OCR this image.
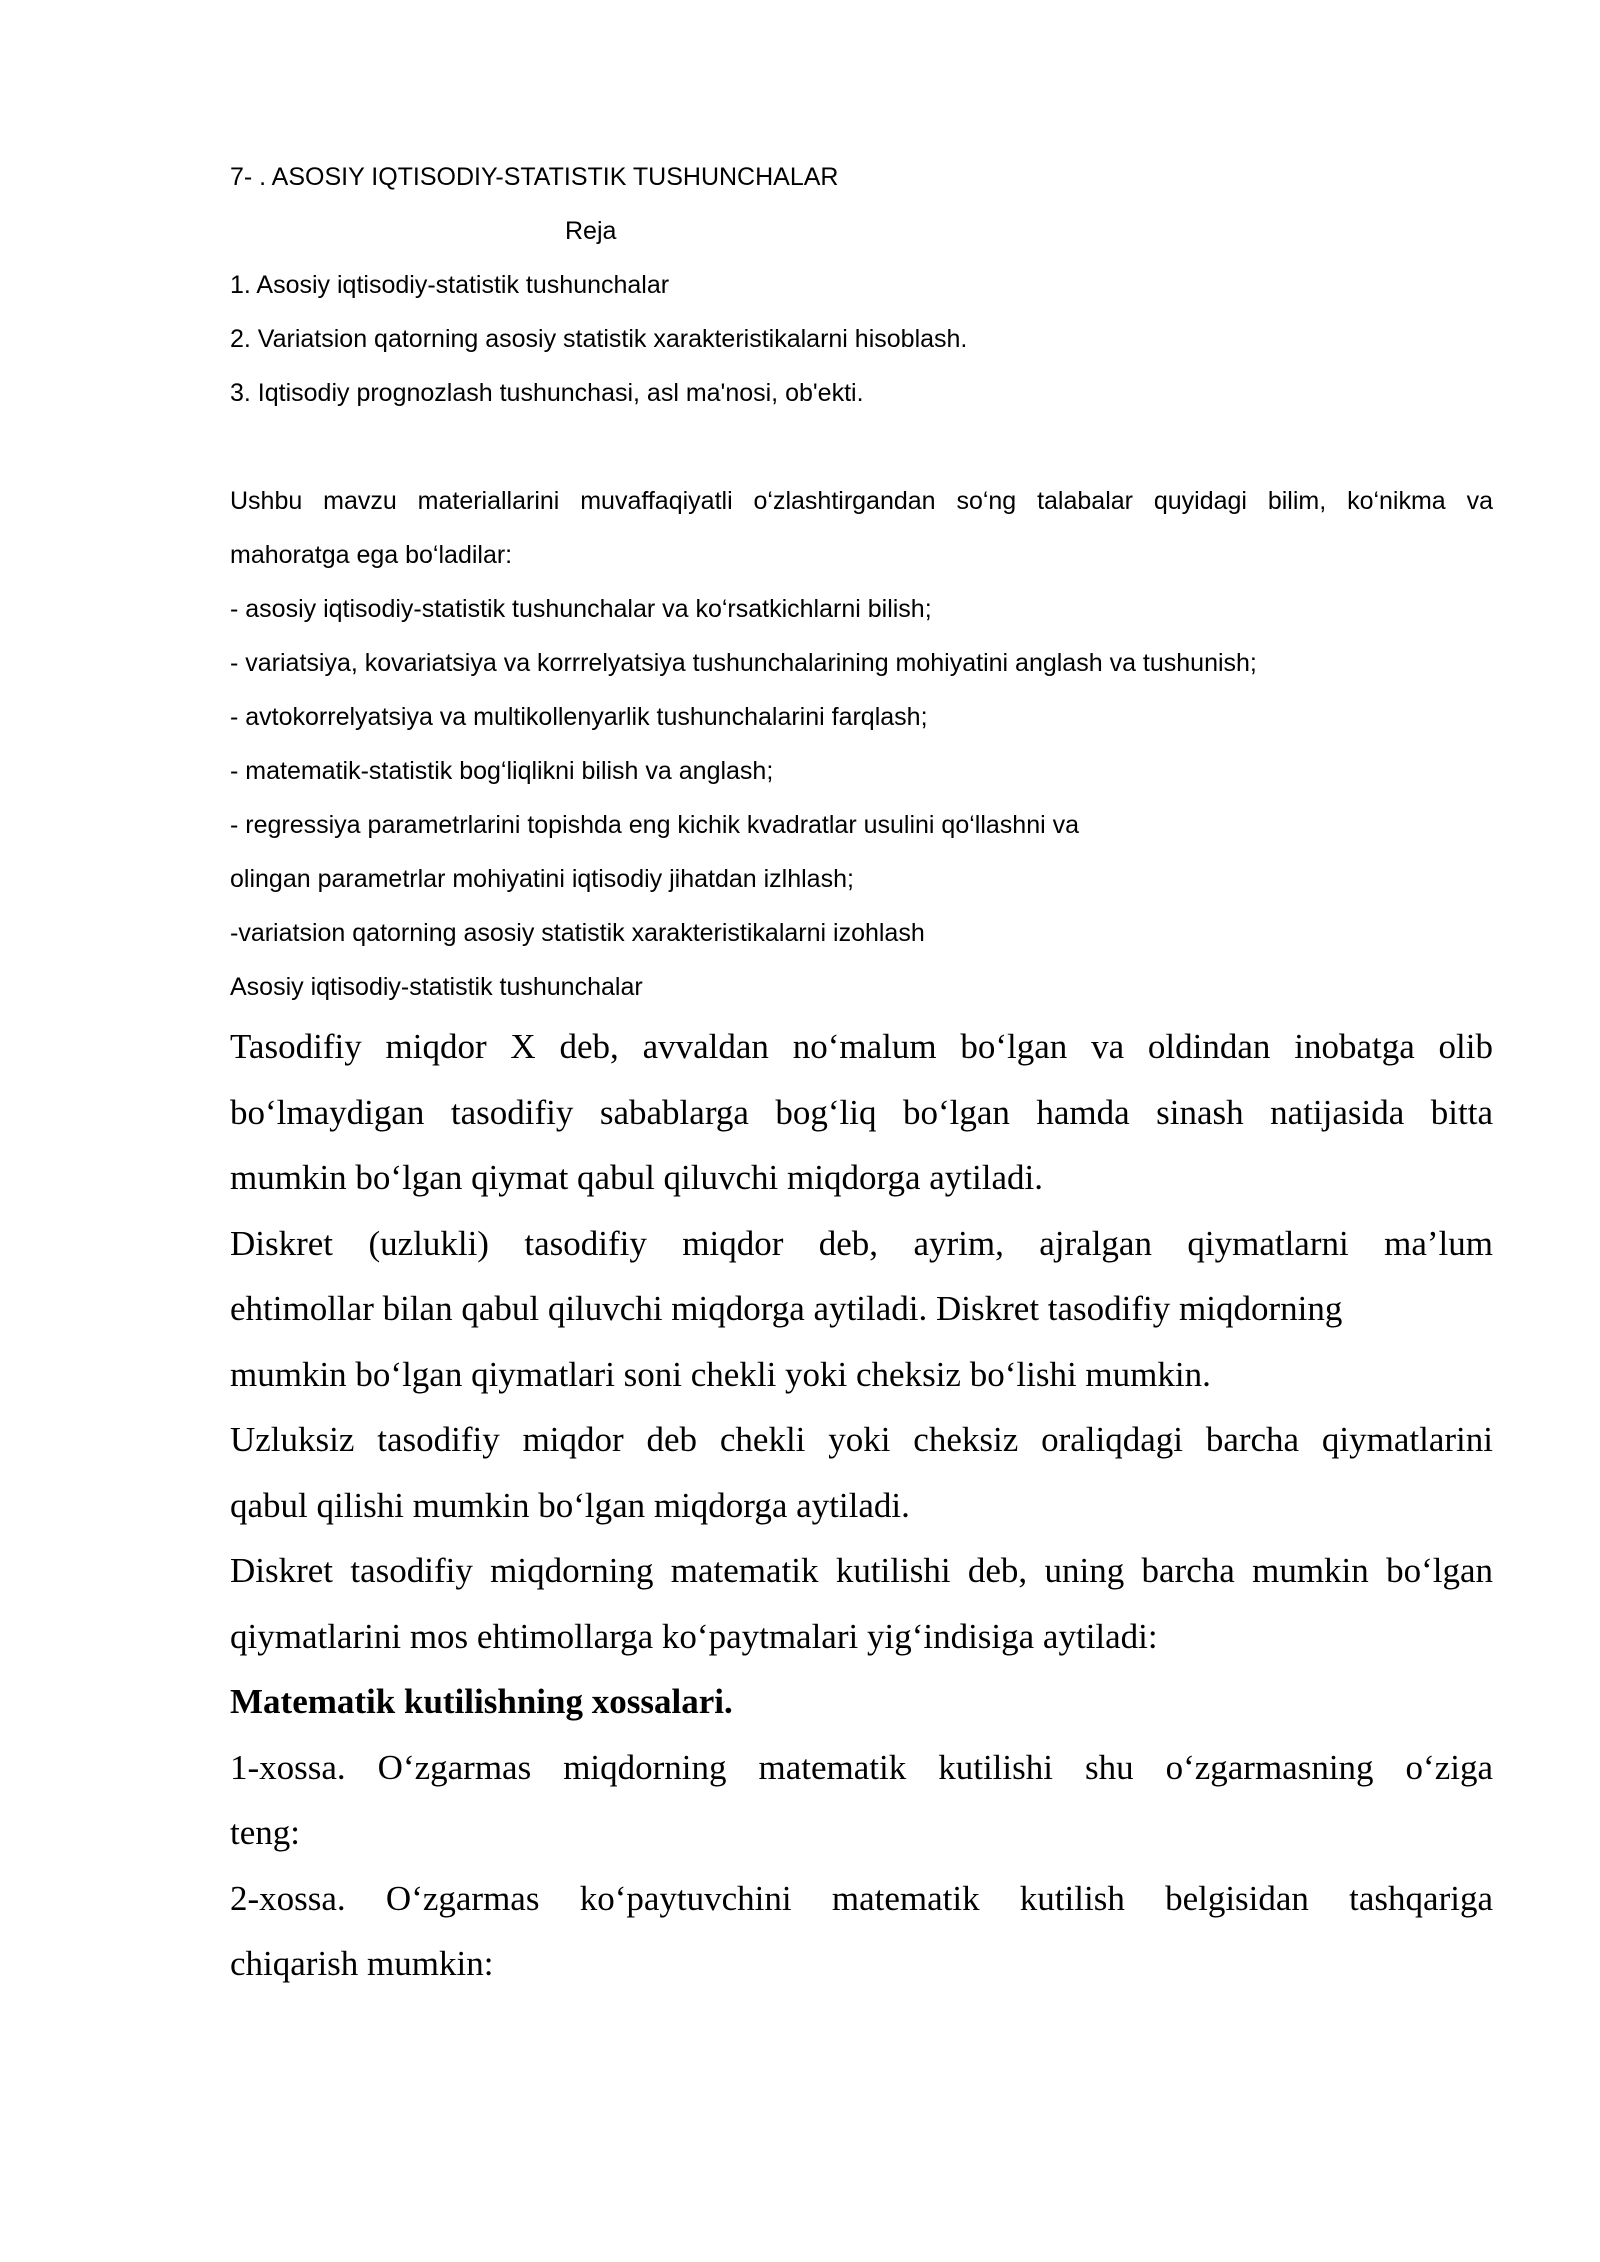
7- . ASOSIY IQTISODIY-STATISTIK TUSHUNCHALAR
Reja
1. Asosiy iqtisodiy-statistik tushunchalar
2. Variatsion qatorning asosiy statistik xarakteristikalarni hisoblash.
3. Iqtisodiy prognozlash tushunchasi, asl ma'nosi, ob'ekti.
Ushbu mavzu materiallarini muvaffaqiyatli o‘zlashtirgandan so‘ng talabalar quyidagi bilim, ko‘nikma va
mahoratga ega bo‘ladilar:
- asosiy iqtisodiy-statistik tushunchalar va ko‘rsatkichlarni bilish;
- variatsiya, kovariatsiya va korrrelyatsiya tushunchalarining mohiyatini anglash va tushunish;
- avtokorrelyatsiya va multikollenyarlik tushunchalarini farqlash;
- matematik-statistik bog‘liqlikni bilish va anglash;
- regressiya parametrlarini topishda eng kichik kvadratlar usulini qo‘llashni va
olingan parametrlar mohiyatini iqtisodiy jihatdan izlhlash;
-variatsion qatorning asosiy statistik xarakteristikalarni izohlash
Asosiy iqtisodiy-statistik tushunchalar
Tasodifiy miqdor X deb, avvaldan no‘malum bo‘lgan va oldindan inobatga olib
bo‘lmaydigan tasodifiy sabablarga bog‘liq bo‘lgan hamda sinash natijasida bitta
mumkin bo‘lgan qiymat qabul qiluvchi miqdorga aytiladi.
Diskret (uzlukli) tasodifiy miqdor deb, ayrim, ajralgan qiymatlarni ma’lum
ehtimollar bilan qabul qiluvchi miqdorga aytiladi. Diskret tasodifiy miqdorning
mumkin bo‘lgan qiymatlari soni chekli yoki cheksiz bo‘lishi mumkin.
Uzluksiz tasodifiy miqdor deb chekli yoki cheksiz oraliqdagi barcha qiymatlarini
qabul qilishi mumkin bo‘lgan miqdorga aytiladi.
Diskret tasodifiy miqdorning matematik kutilishi deb, uning barcha mumkin bo‘lgan
qiymatlarini mos ehtimollarga ko‘paytmalari yig‘indisiga aytiladi:
Matematik kutilishning xossalari.
1-xossa. O‘zgarmas miqdorning matematik kutilishi shu o‘zgarmasning o‘ziga
teng:
2-xossa. O‘zgarmas ko‘paytuvchini matematik kutilish belgisidan tashqariga
chiqarish mumkin:
